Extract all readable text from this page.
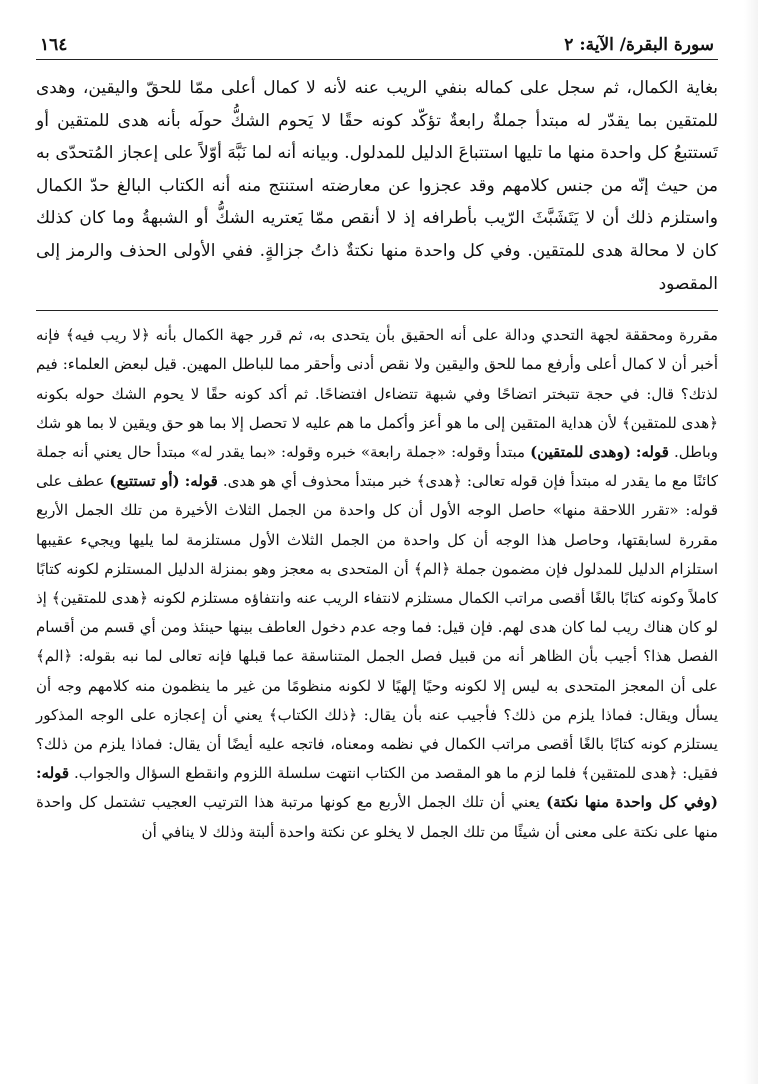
سورة البقرة/ الآية: ٢
١٦٤

بغاية الكمال، ثم سجل على كماله بنفي الريب عنه لأنه لا كمال أعلى ممّا للحقّ واليقين، وهدى للمتقين بما يقدّر له مبتدأ جملةٌ رابعةٌ تؤكّد كونه حقًا لا يَحوم الشكُّ حولَه بأنه هدى للمتقين أو تَستتبعُ كل واحدة منها ما تليها استتباعَ الدليل للمدلول. وبيانه أنه لما نَبَّهَ أوّلاً على إعجاز المُتحدّى به من حيث إنّه من جنس كلامهم وقد عجزوا عن معارضته استنتج منه أنه الكتاب البالغ حدّ الكمال واستلزم ذلك أن لا يَتَشَبَّثَ الرّيب بأطرافه إذ لا أنقص ممّا يَعتريه الشكُّ أو الشبهةُ وما كان كذلك كان لا محالة هدى للمتقين. وفي كل واحدة منها نكتةٌ ذاتُ جزالةٍ. ففي الأولى الحذف والرمز إلى المقصود

مقررة ومحققة لجهة التحدي ودالة على أنه الحقيق بأن يتحدى به، ثم قرر جهة الكمال بأنه ﴿لا ريب فيه﴾ فإنه أخبر أن لا كمال أعلى وأرفع مما للحق واليقين ولا نقص أدنى وأحقر مما للباطل المهين. قيل لبعض العلماء: فيم لذتك؟ قال: في حجة تتبختر اتضاحًا وفي شبهة تتضاءل افتضاحًا. ثم أكد كونه حقًا لا يحوم الشك حوله بكونه ﴿هدى للمتقين﴾ لأن هداية المتقين إلى ما هو أعز وأكمل ما هم عليه لا تحصل إلا بما هو حق ويقين لا بما هو شك وباطل. قوله: (وهدى للمتقين) مبتدأ وقوله: «جملة رابعة» خبره وقوله: «بما يقدر له» مبتدأ حال يعني أنه جملة كائنًا مع ما يقدر له مبتدأ فإن قوله تعالى: ﴿هدى﴾ خبر مبتدأ محذوف أي هو هدى. قوله: (أو تستتبع) عطف على قوله: «تقرر اللاحقة منها» حاصل الوجه الأول أن كل واحدة من الجمل الثلاث الأخيرة من تلك الجمل الأربع مقررة لسابقتها، وحاصل هذا الوجه أن كل واحدة من الجمل الثلاث الأول مستلزمة لما يليها ويجيء عقيبها استلزام الدليل للمدلول فإن مضمون جملة ﴿الم﴾ أن المتحدى به معجز وهو بمنزلة الدليل المستلزم لكونه كتابًا كاملاً وكونه كتابًا بالغًا أقصى مراتب الكمال مستلزم لانتفاء الريب عنه وانتفاؤه مستلزم لكونه ﴿هدى للمتقين﴾ إذ لو كان هناك ريب لما كان هدى لهم. فإن قيل: فما وجه عدم دخول العاطف بينها حينئذ ومن أي قسم من أقسام الفصل هذا؟ أجيب بأن الظاهر أنه من قبيل فصل الجمل المتناسقة عما قبلها فإنه تعالى لما نبه بقوله: ﴿الم﴾ على أن المعجز المتحدى به ليس إلا لكونه وحيًا إلهيًا لا لكونه منظومًا من غير ما ينظمون منه كلامهم وجه أن يسأل ويقال: فماذا يلزم من ذلك؟ فأجيب عنه بأن يقال: ﴿ذلك الكتاب﴾ يعني أن إعجازه على الوجه المذكور يستلزم كونه كتابًا بالغًا أقصى مراتب الكمال في نظمه ومعناه، فاتجه عليه أيضًا أن يقال: فماذا يلزم من ذلك؟ فقيل: ﴿هدى للمتقين﴾ فلما لزم ما هو المقصد من الكتاب انتهت سلسلة اللزوم وانقطع السؤال والجواب. قوله: (وفي كل واحدة منها نكتة) يعني أن تلك الجمل الأربع مع كونها مرتبة هذا الترتيب العجيب تشتمل كل واحدة منها على نكتة على معنى أن شيئًا من تلك الجمل لا يخلو عن نكتة واحدة ألبتة وذلك لا ينافي أن
